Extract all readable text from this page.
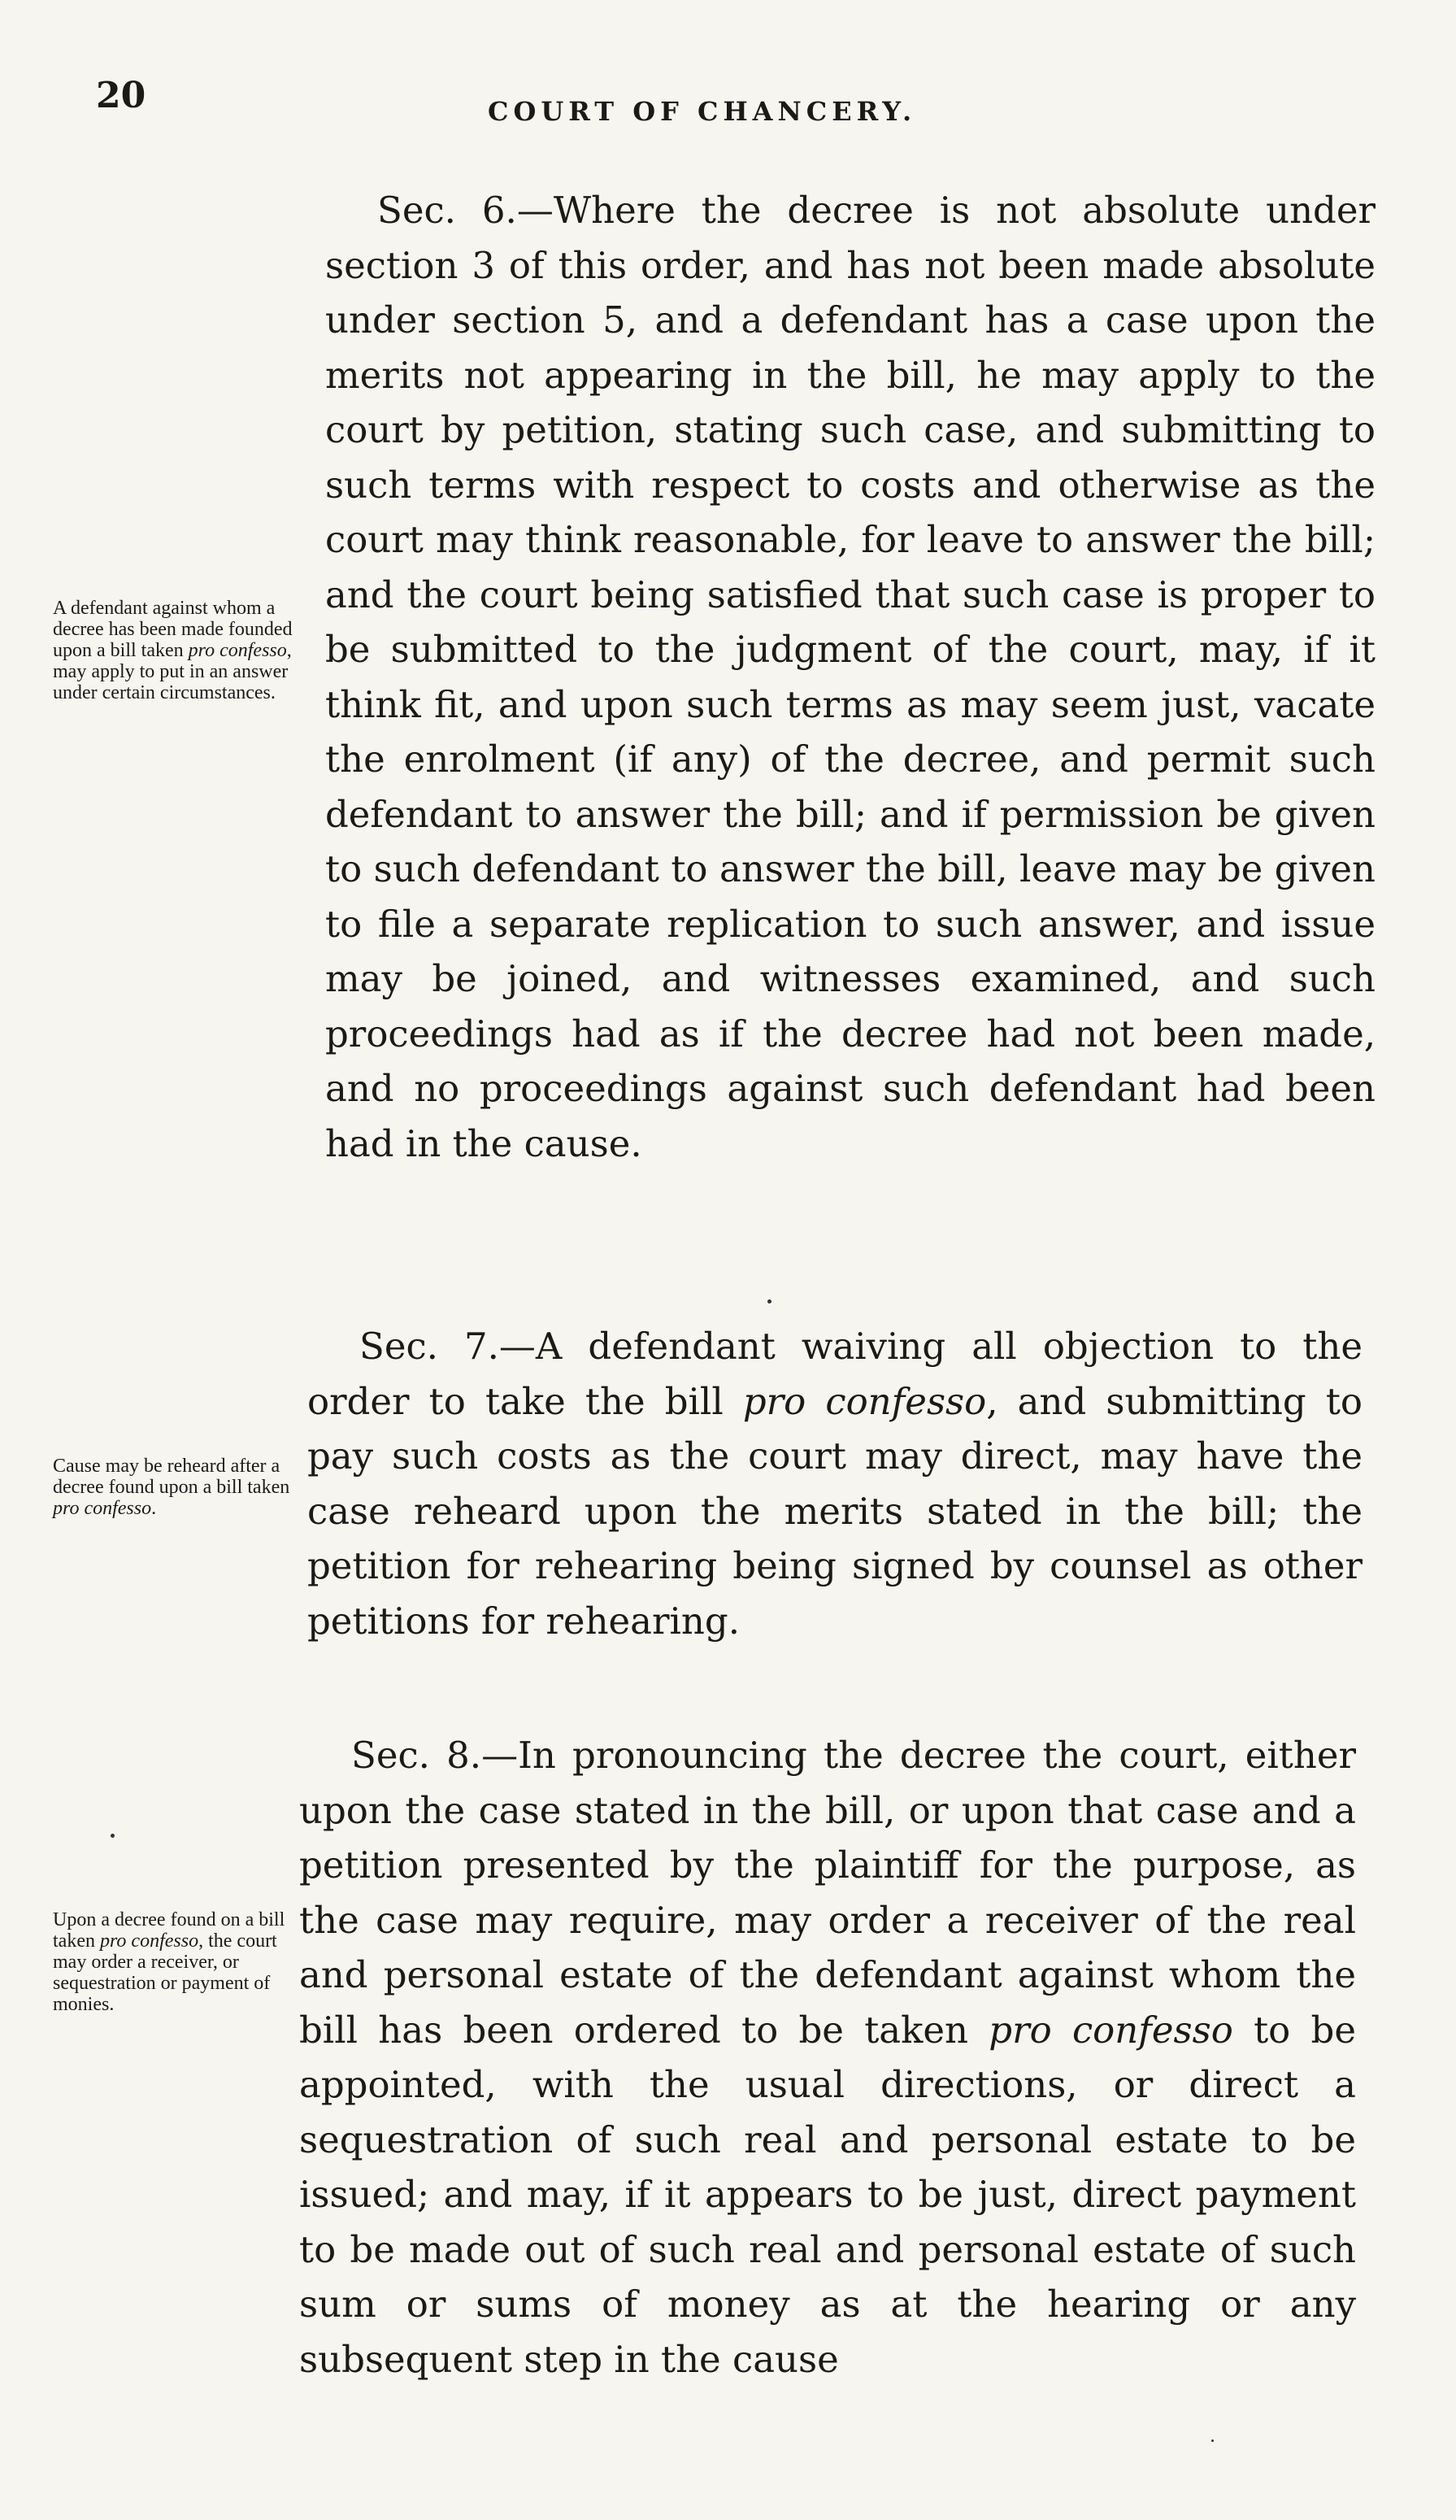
20	COURT OF CHANCERY.

Sec. 6.—Where the decree is not absolute under section 3 of this order, and has not been made absolute under section 5, and a defendant has a case upon the merits not appearing in the bill, he may apply to the court by petition, stating such case, and submitting to such terms with respect to costs and otherwise as the court may think reasonable, for leave to answer the bill; and the court being satisfied that such case is proper to be submitted to the judgment of the court, may, if it think fit, and upon such terms as may seem just, vacate the enrolment (if any) of the decree, and permit such defendant to answer the bill; and if permission be given to such defendant to answer the bill, leave may be given to file a separate replication to such answer, and issue may be joined, and witnesses examined, and such proceedings had as if the decree had not been made, and no proceedings against such defendant had been had in the cause.

A defendant against whom a decree has been made founded upon a bill taken pro confesso, may apply to put in an answer under certain circumstances.

Sec. 7.—A defendant waiving all objection to the order to take the bill pro confesso, and submitting to pay such costs as the court may direct, may have the case reheard upon the merits stated in the bill; the petition for rehearing being signed by counsel as other petitions for rehearing.

Cause may be reheard after a decree found upon a bill taken pro confesso.

Sec. 8.—In pronouncing the decree the court, either upon the case stated in the bill, or upon that case and a petition presented by the plaintiff for the purpose, as the case may require, may order a receiver of the real and personal estate of the defendant against whom the bill has been ordered to be taken pro confesso to be appointed, with the usual directions, or direct a sequestration of such real and personal estate to be issued; and may, if it appears to be just, direct payment to be made out of such real and personal estate of such sum or sums of money as at the hearing or any subsequent step in the cause

Upon a decree found on a bill taken pro confesso, the court may order a receiver, or sequestration or payment of monies.
